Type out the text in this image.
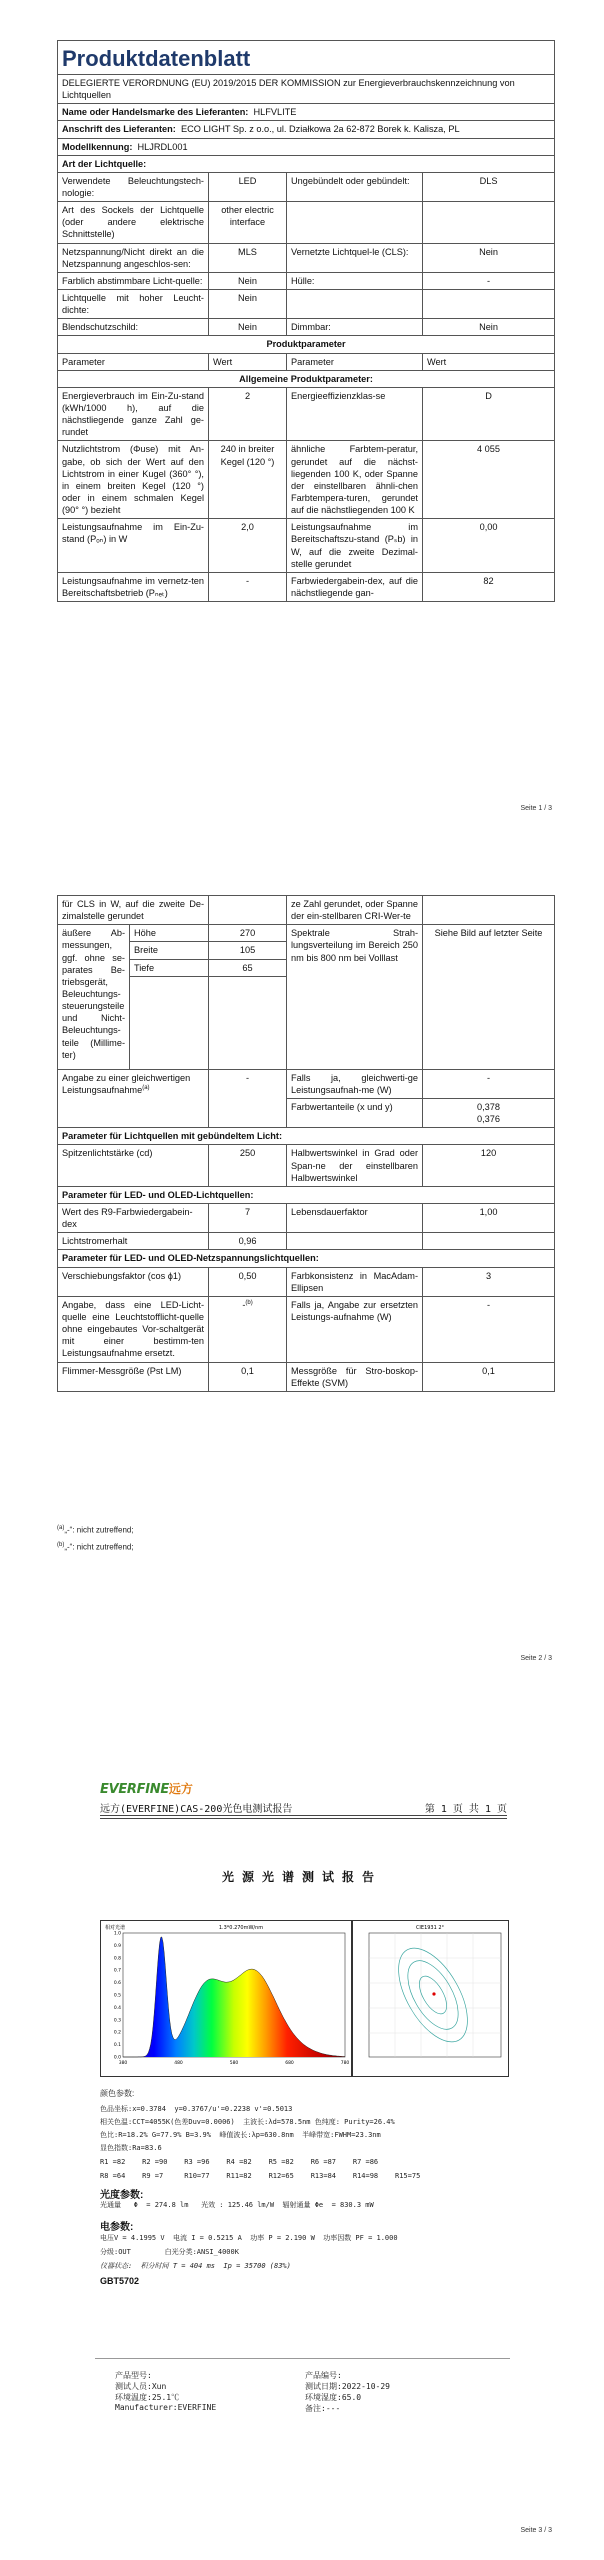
Produktdatenblatt			
DELEGIERTE VERORDNUNG (EU) 2019/2015 DER KOMMISSION zur Energieverbrauchskennzeichnung von Lichtquellen			
Name oder Handelsmarke des Lieferanten: HLFVLITE			
Anschrift des Lieferanten: ECO LIGHT Sp. z o.o., ul. Działkowa 2a 62-872 Borek k. Kalisza, PL			
Modellkennung: HLJRDL001			
Art der Lichtquelle:			
Verwendete Beleuchtungstech-nologie:	LED	Ungebündelt oder gebündelt:	DLS
Art des Sockels der Lichtquelle (oder andere elektrische Schnittstelle)	other electric interface		
Netzspannung/Nicht direkt an die Netzspannung angeschlos-sen:	MLS	Vernetzte Lichtquel-le (CLS):	Nein
Farblich abstimmbare Licht-quelle:	Nein	Hülle:	-
Lichtquelle mit hoher Leucht-dichte:	Nein		
Blendschutzschild:	Nein	Dimmbar:	Nein
Produktparameter			
Parameter	Wert	Parameter	Wert
Allgemeine Produktparameter:			
Energieverbrauch im Ein-Zu-stand (kWh/1000 h), auf die nächstliegende ganze Zahl ge-rundet	2	Energieeffizienzklas-se	D
Nutzlichtstrom (Φuse) mit An-gabe, ob sich der Wert auf den Lichtstrom in einer Kugel (360° °), in einem breiten Kegel (120 °) oder in einem schmalen Kegel (90° °) bezieht	240 in breiter Kegel (120 °)	ähnliche Farbtem-peratur, gerundet auf die nächst-liegenden 100 K, oder Spanne der einstellbaren ähnli-chen Farbtempera-turen, gerundet auf die nächstliegenden 100 K	4 055
Leistungsaufnahme im Ein-Zu-stand (Pₒₙ) in W	2,0	Leistungsaufnahme im Bereitschaftszu-stand (Pₛb) in W, auf die zweite Dezimal-stelle gerundet	0,00
Leistungsaufnahme im vernetz-ten Bereitschaftsbetrieb (Pₙₑₜ)	-	Farbwiedergabein-dex, auf die nächstliegende gan-	82
Seite 1 / 3
für CLS in W, auf die zweite De-zimalstelle gerundet			ze Zahl gerundet, oder Spanne der ein-stellbaren CRI-Wer-te	
äußere Ab-messungen, ggf. ohne se-parates Be-triebsgerät, Beleuchtungs-steuerungsteile und Nicht-Beleuchtungs-teile (Millime-ter)	Höhe	270	Spektrale Strah-lungsverteilung im Bereich 250 nm bis 800 nm bei Volllast	Siehe Bild auf letzter Seite
	Breite	105		
	Tiefe	65		

Angabe zu einer gleichwertigen Leistungsaufnahme$^{(a)}$		-	Falls ja, gleichwerti-ge Leistungsaufnah-me (W)	-
			Farbwertanteile (x und y)	0,378
0,376

Parameter für Lichtquellen mit gebündeltem Licht:				
Spitzenlichtstärke (cd)		250	Halbwertswinkel in Grad oder Span-ne der einstellbaren Halbwertswinkel	120
Parameter für LED- und OLED-Lichtquellen:				
Wert des R9-Farbwiedergabein-dex		7	Lebensdauerfaktor	1,00
Lichtstromerhalt		0,96		
Parameter für LED- und OLED-Netzspannungslichtquellen:				
Verschiebungsfaktor (cos ϕ1)		0,50	Farbkonsistenz in MacAdam-Ellipsen	3
Angabe, dass eine LED-Licht-quelle eine Leuchtstofflicht-quelle ohne eingebautes Vor-schaltgerät mit einer bestimm-ten Leistungsaufnahme ersetzt.		-$^{(b)}$	Falls ja, Angabe zur ersetzten Leistungs-aufnahme (W)	-
Flimmer-Messgröße (Pst LM)		0,1	Messgröße für Stro-boskop-Effekte (SVM)	0,1
$^{(a)}$„-“: nicht zutreffend;
$^{(b)}$„-“: nicht zutreffend;
Seite 2 / 3
EVERFINE远方
远方(EVERFINE)CAS-200光色电测试报告	第 1 页 共 1 页
光源光谱测试报告
相对光谱	1.3*0.270mW/nm
1.0
0.9
0.8
0.7
0.6
0.5
0.4
0.3
0.2
0.1
0.0
380	480	580	680	780
CIE1931 2°
颜色参数:
色品坐标:x=0.3784  y=0.3767/u'=0.2238 v'=0.5013
相关色温:CCT=4055K(色差Duv=0.0006)  主波长:λd=578.5nm 色纯度: Purity=26.4%
色比:R=18.2% G=77.9% B=3.9%  峰值波长:λp=630.8nm  半峰带宽:FWHM=23.3nm
显色指数:Ra=83.6
R1 =82    R2 =90    R3 =96    R4 =82    R5 =82    R6 =87    R7 =86
R8 =64    R9 =7     R10=77    R11=82    R12=65    R13=84    R14=98    R15=75
光度参数:
光通量   Φ  = 274.8 lm   光效 : 125.46 lm/W  辐射通量 Φe  = 830.3 mW
电参数:
电压V = 4.1995 V  电流 I = 0.5215 A  功率 P = 2.190 W  功率因数 PF = 1.000
分级:OUT        白光分类:ANSI_4000K
仪器状态:  积分时间 T = 404 ms  Ip = 35700 (83%)
GBT5702
产品型号:
测试人员:Xun
环境温度:25.1℃
Manufacturer:EVERFINE
产品编号:
测试日期:2022-10-29
环境湿度:65.0
备注:---
Seite 3 / 3
